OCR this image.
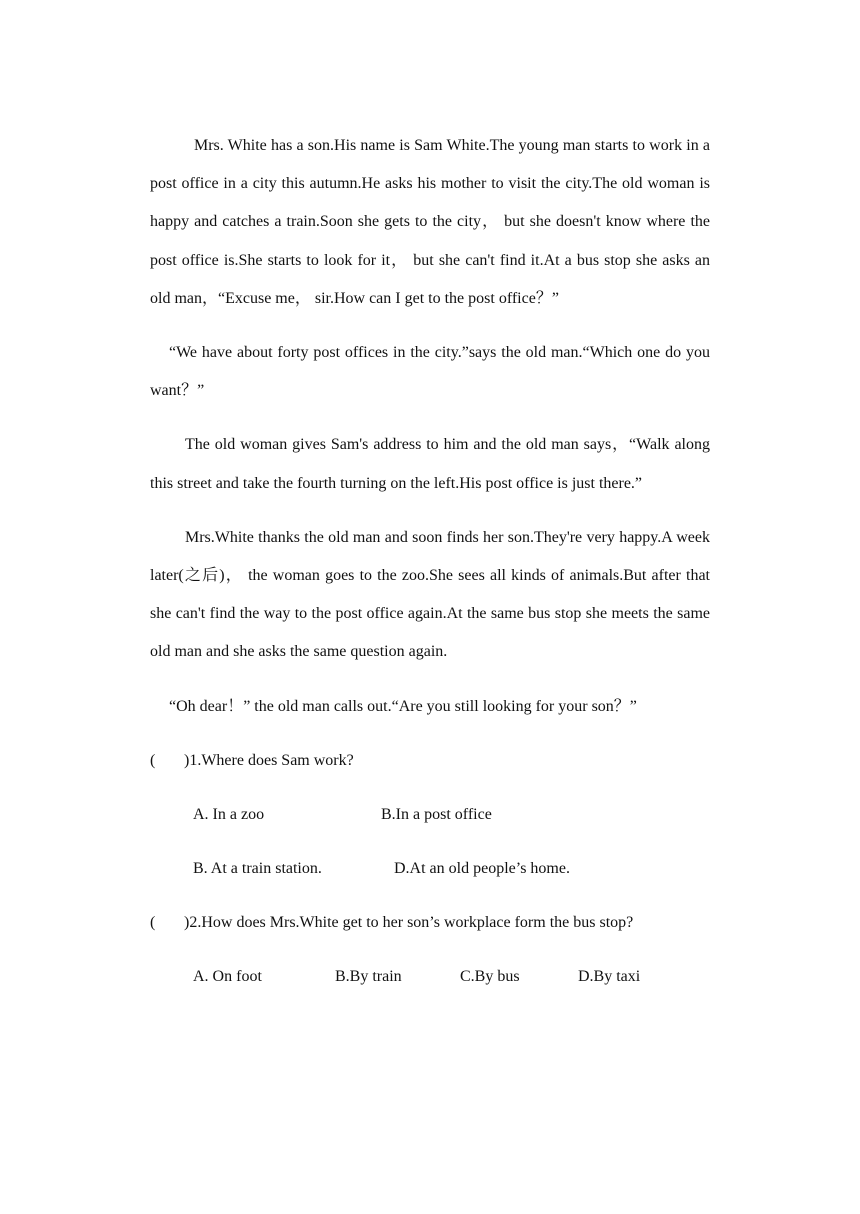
Mrs. White has a son.His name is Sam White.The young man starts to work in a post office in a city this autumn.He asks his mother to visit the city.The old woman is happy and catches a train.Soon she gets to the city， but she doesn't know where the post office is.She starts to look for it， but she can't find it.At a bus stop she asks an old man，“Excuse me， sir.How can I get to the post office？”

“We have about forty post offices in the city.”says the old man.“Which one do you want？”

The old woman gives Sam's address to him and the old man says，“Walk along this street and take the fourth turning on the left.His post office is just there.”

Mrs.White thanks the old man and soon finds her son.They're very happy.A week later(之后)， the woman goes to the zoo.She sees all kinds of animals.But after that she can't find the way to the post office again.At the same bus stop she meets the same old man and she asks the same question again.

“Oh dear！” the old man calls out.“Are you still looking for your son？”

( )1.Where does Sam work?

A. In a zoo	B.In a post office
B. At a train station.	D.At an old people’s home.

( )2.How does Mrs.White get to her son’s workplace form the bus stop?

A. On foot	B.By train	C.By bus	D.By taxi
